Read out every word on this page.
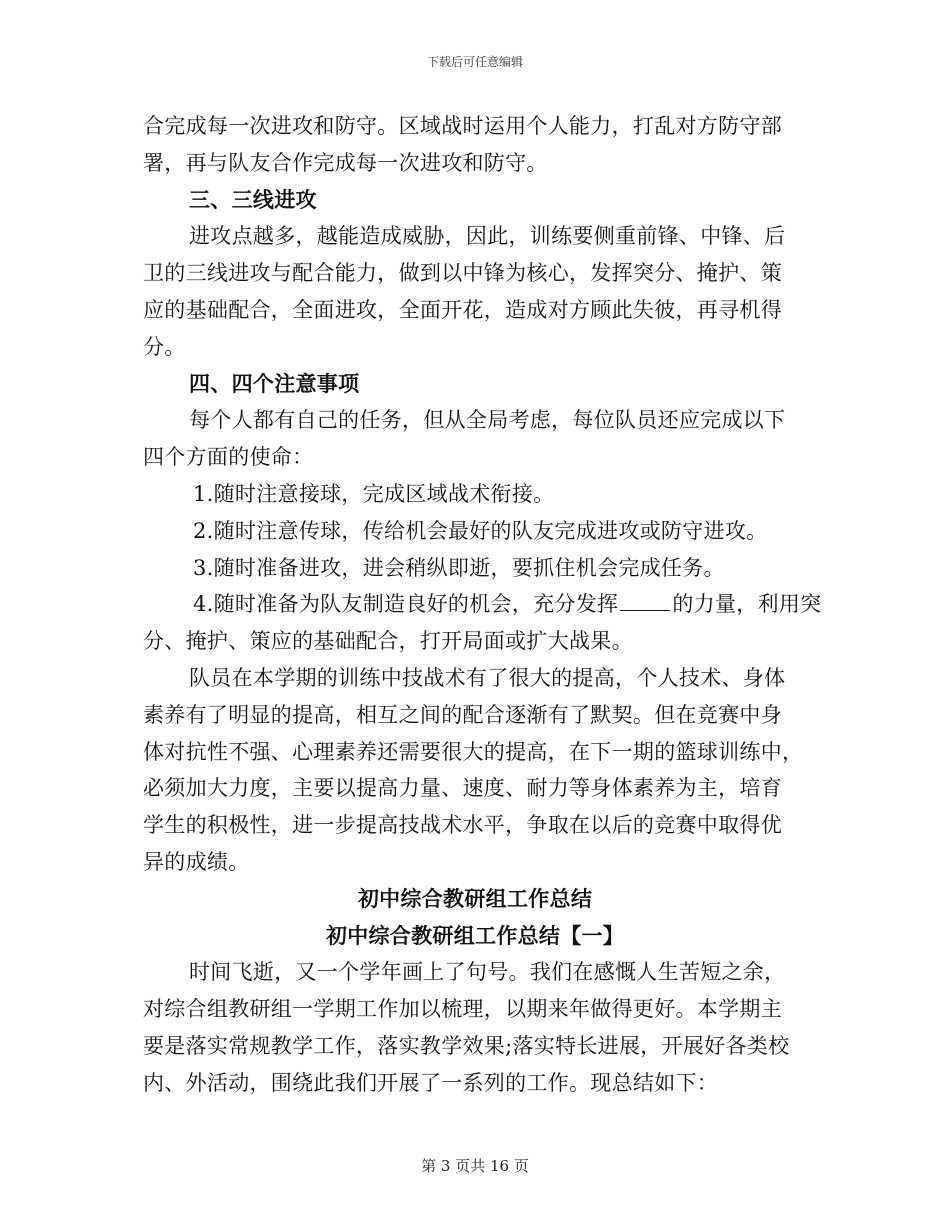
下载后可任意编辑
合完成每一次进攻和防守。区域战时运用个人能力，打乱对方防守部
署，再与队友合作完成每一次进攻和防守。
三、三线进攻
进攻点越多，越能造成威胁，因此，训练要侧重前锋、中锋、后
卫的三线进攻与配合能力，做到以中锋为核心，发挥突分、掩护、策
应的基础配合，全面进攻，全面开花，造成对方顾此失彼，再寻机得
分。
四、四个注意事项
每个人都有自己的任务，但从全局考虑，每位队员还应完成以下
四个方面的使命：
1.随时注意接球，完成区域战术衔接。
2.随时注意传球，传给机会最好的队友完成进攻或防守进攻。
3.随时准备进攻，进会稍纵即逝，要抓住机会完成任务。
4.随时准备为队友制造良好的机会，充分发挥	的力量，利用突
分、掩护、策应的基础配合，打开局面或扩大战果。
队员在本学期的训练中技战术有了很大的提高，个人技术、身体
素养有了明显的提高，相互之间的配合逐渐有了默契。但在竞赛中身
体对抗性不强、心理素养还需要很大的提高，在下一期的篮球训练中，
必须加大力度，主要以提高力量、速度、耐力等身体素养为主，培育
学生的积极性，进一步提高技战术水平，争取在以后的竞赛中取得优
异的成绩。
初中综合教研组工作总结
初中综合教研组工作总结【一】
时间飞逝，又一个学年画上了句号。我们在感慨人生苦短之余，
对综合组教研组一学期工作加以梳理，以期来年做得更好。本学期主
要是落实常规教学工作，落实教学效果;落实特长进展，开展好各类校
内、外活动，围绕此我们开展了一系列的工作。现总结如下：
第 3 页共 16 页
